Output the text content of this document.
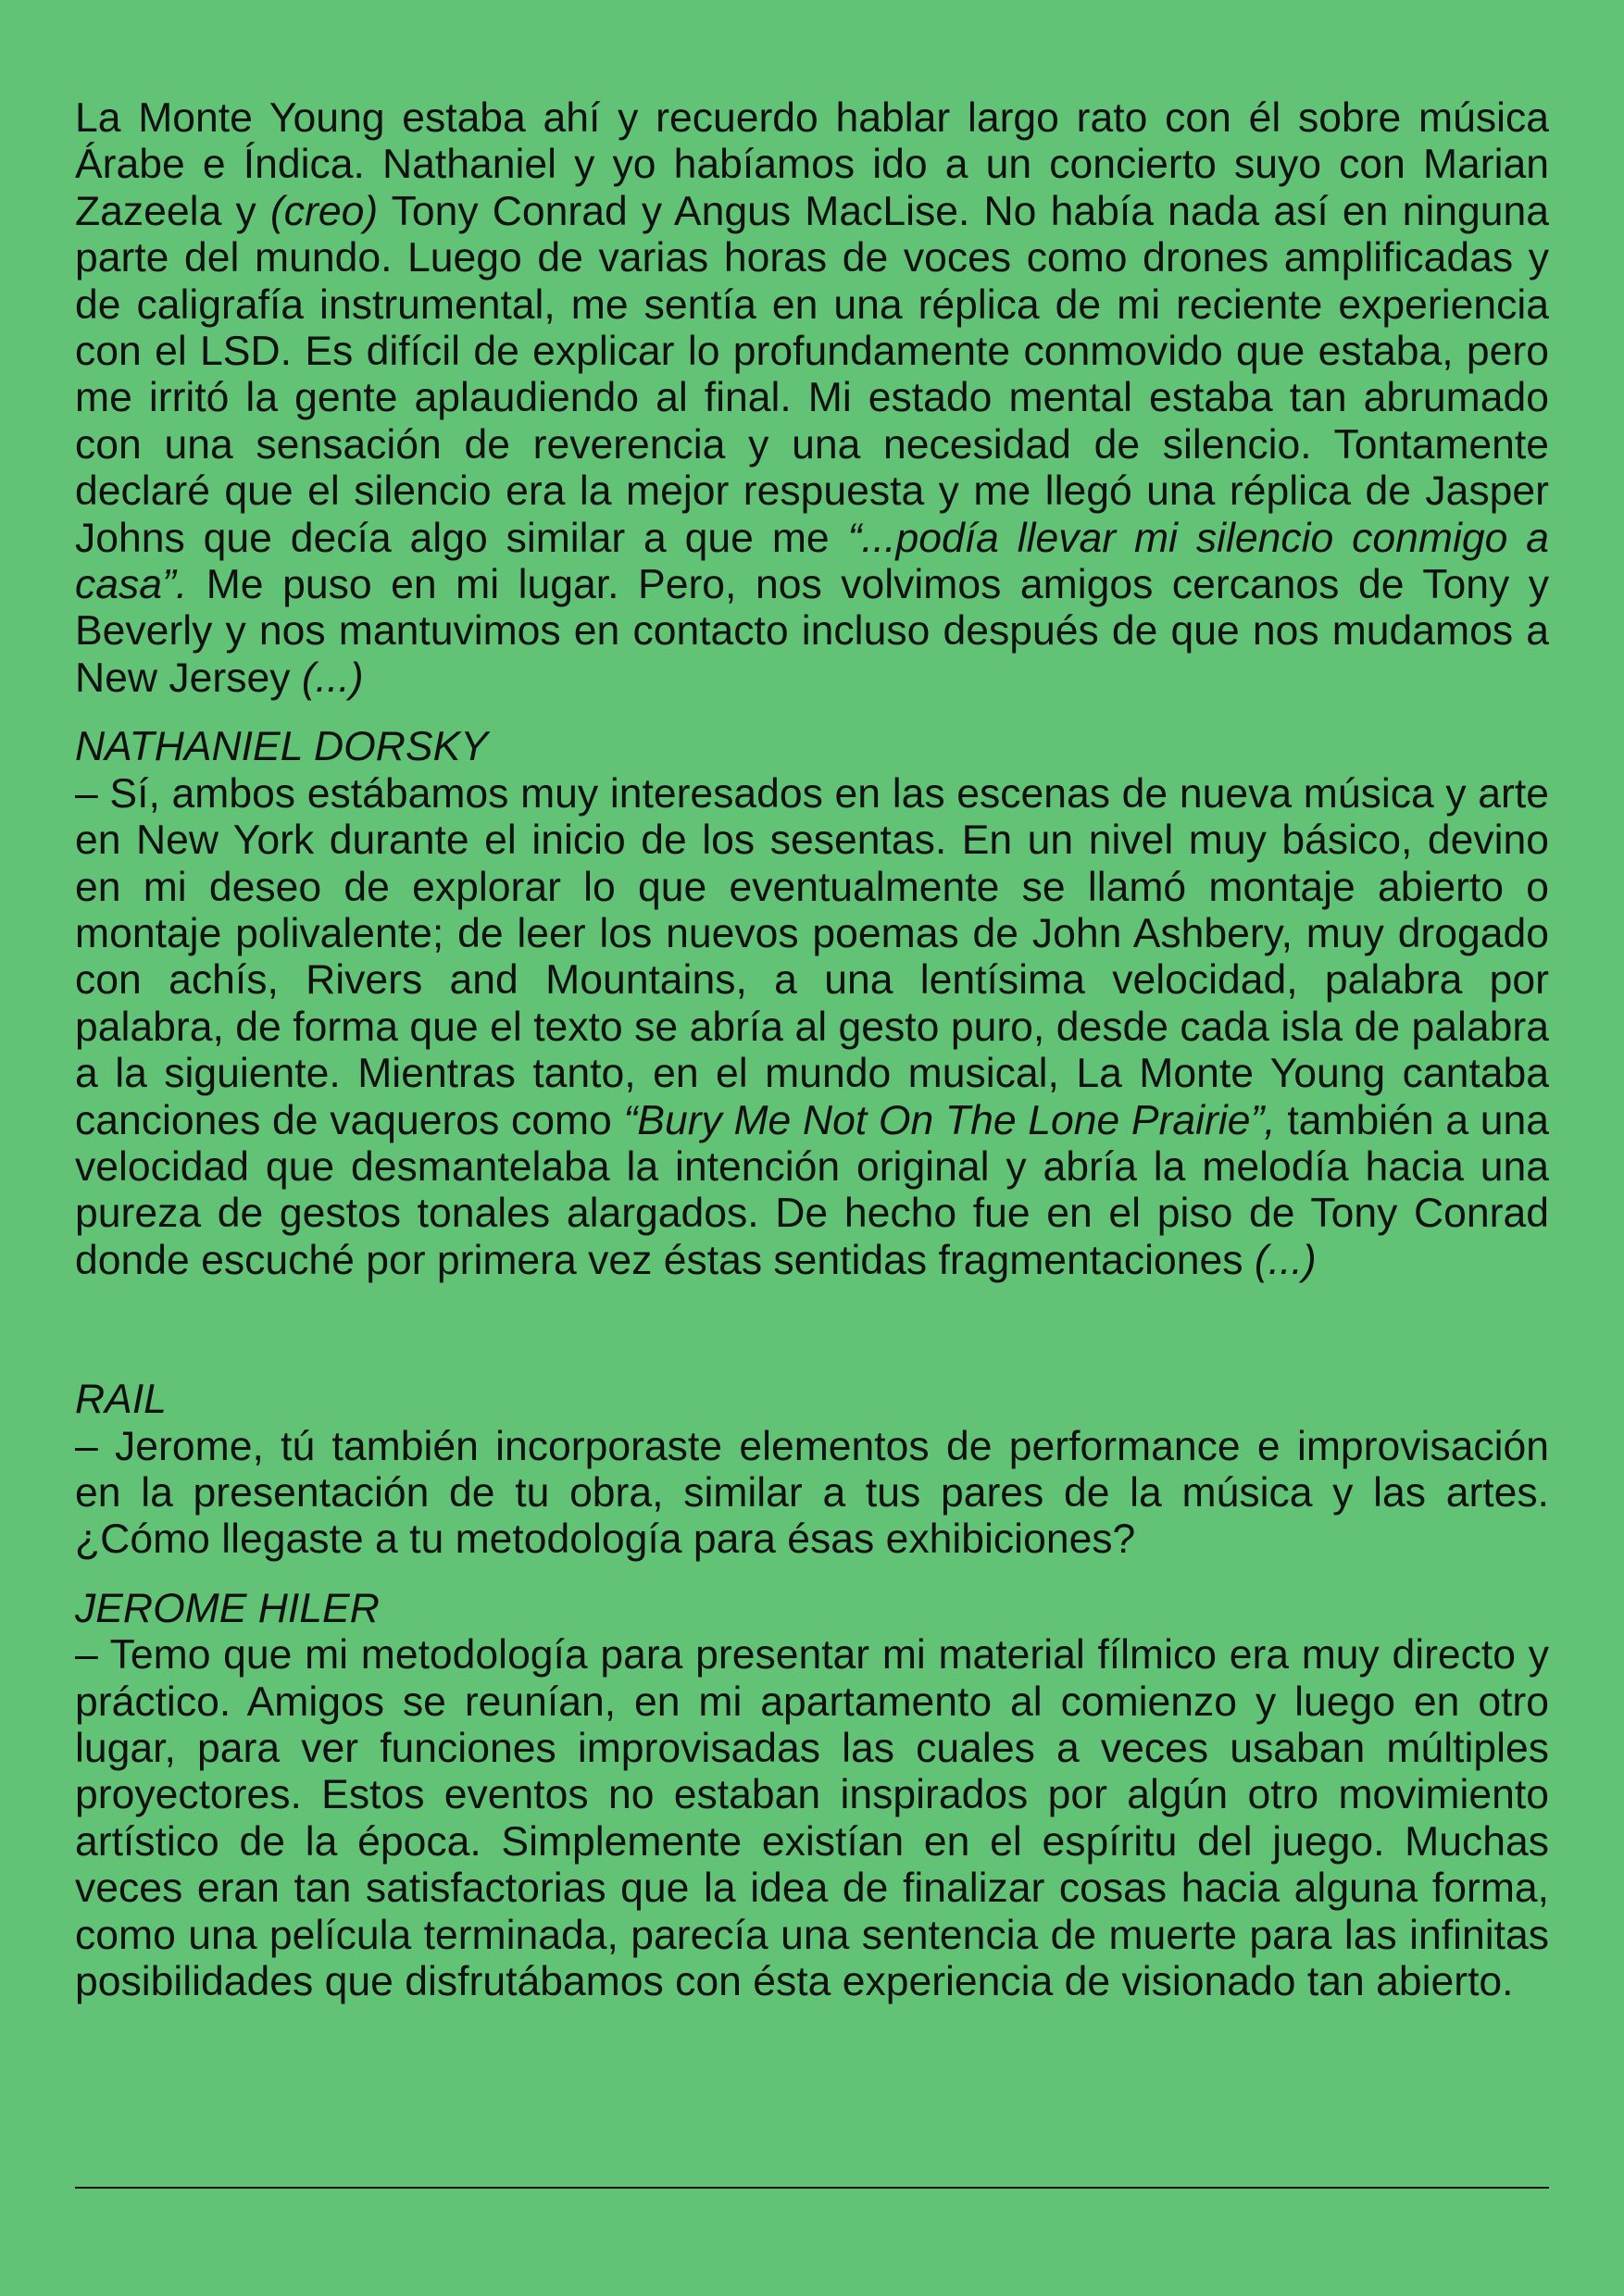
La Monte Young estaba ahí y recuerdo hablar largo rato con él sobre música Árabe e Índica. Nathaniel y yo habíamos ido a un concierto suyo con Marian Zazeela y (creo) Tony Conrad y Angus MacLise. No había nada así en ninguna parte del mundo. Luego de varias horas de voces como drones amplificadas y de caligrafía instrumental, me sentía en una réplica de mi reciente experiencia con el LSD. Es difícil de explicar lo profundamente conmovido que estaba, pero me irritó la gente aplaudiendo al final. Mi estado mental estaba tan abrumado con una sensación de reverencia y una necesidad de silencio. Tontamente declaré que el silencio era la mejor respuesta y me llegó una réplica de Jasper Johns que decía algo similar a que me “...podía llevar mi silencio conmigo a casa”. Me puso en mi lugar. Pero, nos volvimos amigos cercanos de Tony y Beverly y nos mantuvimos en contacto incluso después de que nos mudamos a New Jersey (...)

NATHANIEL DORSKY

– Sí, ambos estábamos muy interesados en las escenas de nueva música y arte en New York durante el inicio de los sesentas. En un nivel muy básico, devino en mi deseo de explorar lo que eventualmente se llamó montaje abierto o montaje polivalente; de leer los nuevos poemas de John Ashbery, muy drogado con achís, Rivers and Mountains, a una lentísima velocidad, palabra por palabra, de forma que el texto se abría al gesto puro, desde cada isla de palabra a la siguiente. Mientras tanto, en el mundo musical, La Monte Young cantaba canciones de vaqueros como “Bury Me Not On The Lone Prairie”, también a una velocidad que desmantelaba la intención original y abría la melodía hacia una pureza de gestos tonales alargados. De hecho fue en el piso de Tony Conrad donde escuché por primera vez éstas sentidas fragmentaciones (...)

RAIL

– Jerome, tú también incorporaste elementos de performance e improvisación en la presentación de tu obra, similar a tus pares de la música y las artes. ¿Cómo llegaste a tu metodología para ésas exhibiciones?

JEROME HILER

– Temo que mi metodología para presentar mi material fílmico era muy directo y práctico. Amigos se reunían, en mi apartamento al comienzo y luego en otro lugar, para ver funciones improvisadas las cuales a veces usaban múltiples proyectores. Estos eventos no estaban inspirados por algún otro movimiento artístico de la época. Simplemente existían en el espíritu del juego. Muchas veces eran tan satisfactorias que la idea de finalizar cosas hacia alguna forma, como una película terminada, parecía una sentencia de muerte para las infinitas posibilidades que disfrutábamos con ésta experiencia de visionado tan abierto.
